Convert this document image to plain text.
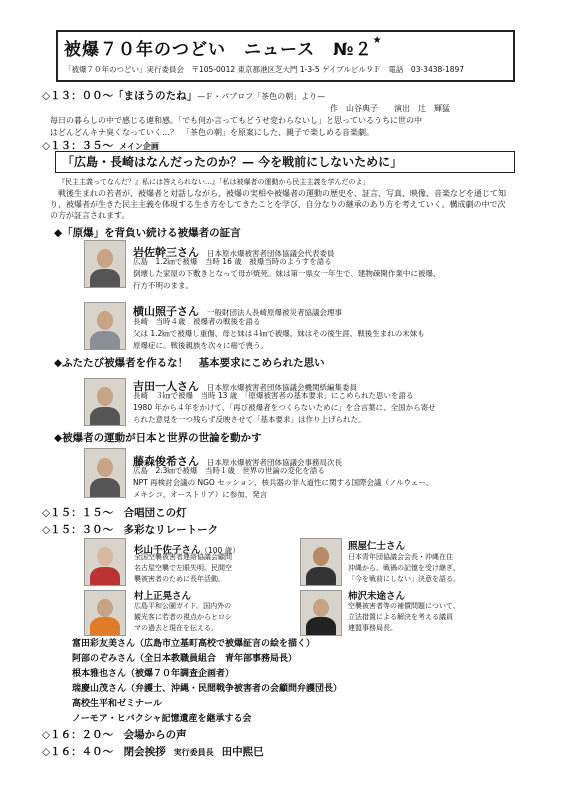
被爆７０年のつどい　ニュース　№２★
「被爆７０年のつどい」実行委員会　〒105-0012 東京都港区芝大門 1-3-5 ゲイブルビル９Ｆ　電話　03-3438-1897
◇１３：００～「まほうのたね」—Ｆ・パブロフ「茶色の朝」より—
作　山谷典子　　演出　辻　輝猛
毎日の暮らしの中で感じる違和感。「でも何か言ってもどうせ変わらないし」と思っているうちに世の中
はどんどんキナ臭くなっていく…？　「茶色の朝」を原案にした、親子で楽しめる音楽劇。
◇１３：３５～ メイン企画
「広島・長崎はなんだったのか？— 今を戦前にしないために」
『民主主義ってなんだ？』私には答えられない…』「私は被爆者の運動から民主主義を学んだのよ」
戦後生まれの若者が、被爆者と対話しながら、被爆の実相や被爆者の運動の歴史を、証言、写真、映像、音楽などを通じて知り、被爆者が生きた民主主義を体現する生き方をしてきたことを学び、自分なりの継承のあり方を考えていく。構成劇の中で次の方が証言されます。
◆「原爆」を背負い続ける被爆者の証言
岩佐幹三さん 日本原水爆被害者団体協議会代表委員
広島　1.2㎞で被爆　当時 16 歳　被爆当時のようすを語る
倒壊した家屋の下敷きとなって母が焼死。妹は第一県女一年生で、建物疎開作業中に被爆、
行方不明のまま。
横山照子さん 一般財団法人長崎原爆被災者協議会理事
長崎　当時４歳　被爆者の戦後を語る
父は 1.2㎞で被爆し重傷、母と妹は４㎞で被爆。妹はその後生涯、戦後生まれの末妹も
原爆症に。戦後親族を次々に癌で喪う。
◆ふたたび被爆者を作るな！　基本要求にこめられた思い
吉田一人さん 日本原水爆被害者団体協議会機関紙編集委員
長崎　３㎞で被爆　当時 13 歳　「原爆被害者の基本要求」にこめられた思いを語る
1980 年から４年をかけて、「再び被爆者をつくらないために」を合言葉に、全国から寄せ
られた意見を一つ残らず反映させて「基本要求」は作り上げられた。
◆被爆者の運動が日本と世界の世論を動かす
藤森俊希さん 日本原水爆被害者団体協議会事務局次長
広島　2.3㎞で被爆　当時１歳　世界の世論の変化を語る
NPT 再検討会議の NGO セッション、核兵器の非人道性に関する国際会議（ノルウェー、
メキシコ、オーストリア）に参加、発言
◇１５：１５～　合唱団この灯
◇１５：３０～　多彩なリレートーク
杉山千佐子さん（100 歳）
全国空襲被害者連絡協議会顧問
名古屋空襲で左眼失明。民間空
襲被害者のために長年活動。
照屋仁士さん
日本青年団協議会会長・沖縄在住
沖縄から、戦禍の記憶を受け継ぎ、
「今を戦前にしない」決意を語る。
村上正晃さん
広島平和公園ガイド。国内外の
観光客に若者の視点からヒロシ
マの過去と現在を伝える。
柿沢未途さん
空襲被害者等の補償問題について、
立法措置による解決を考える議員
連盟事務局長。
富田彩友美さん（広島市立基町高校で被爆証言の絵を描く）
阿部のぞみさん（全日本教職員組合　青年部事務局長）
根本雅也さん（被爆７０年調査企画者）
瑞慶山茂さん（弁護士、沖縄・民間戦争被害者の会顧問弁護団長）
高校生平和ゼミナール
ノーモア・ヒバクシャ記憶遺産を継承する会
◇１６：２０～　会場からの声
◇１６：４０～　閉会挨拶 実行委員長 田中熙巳
